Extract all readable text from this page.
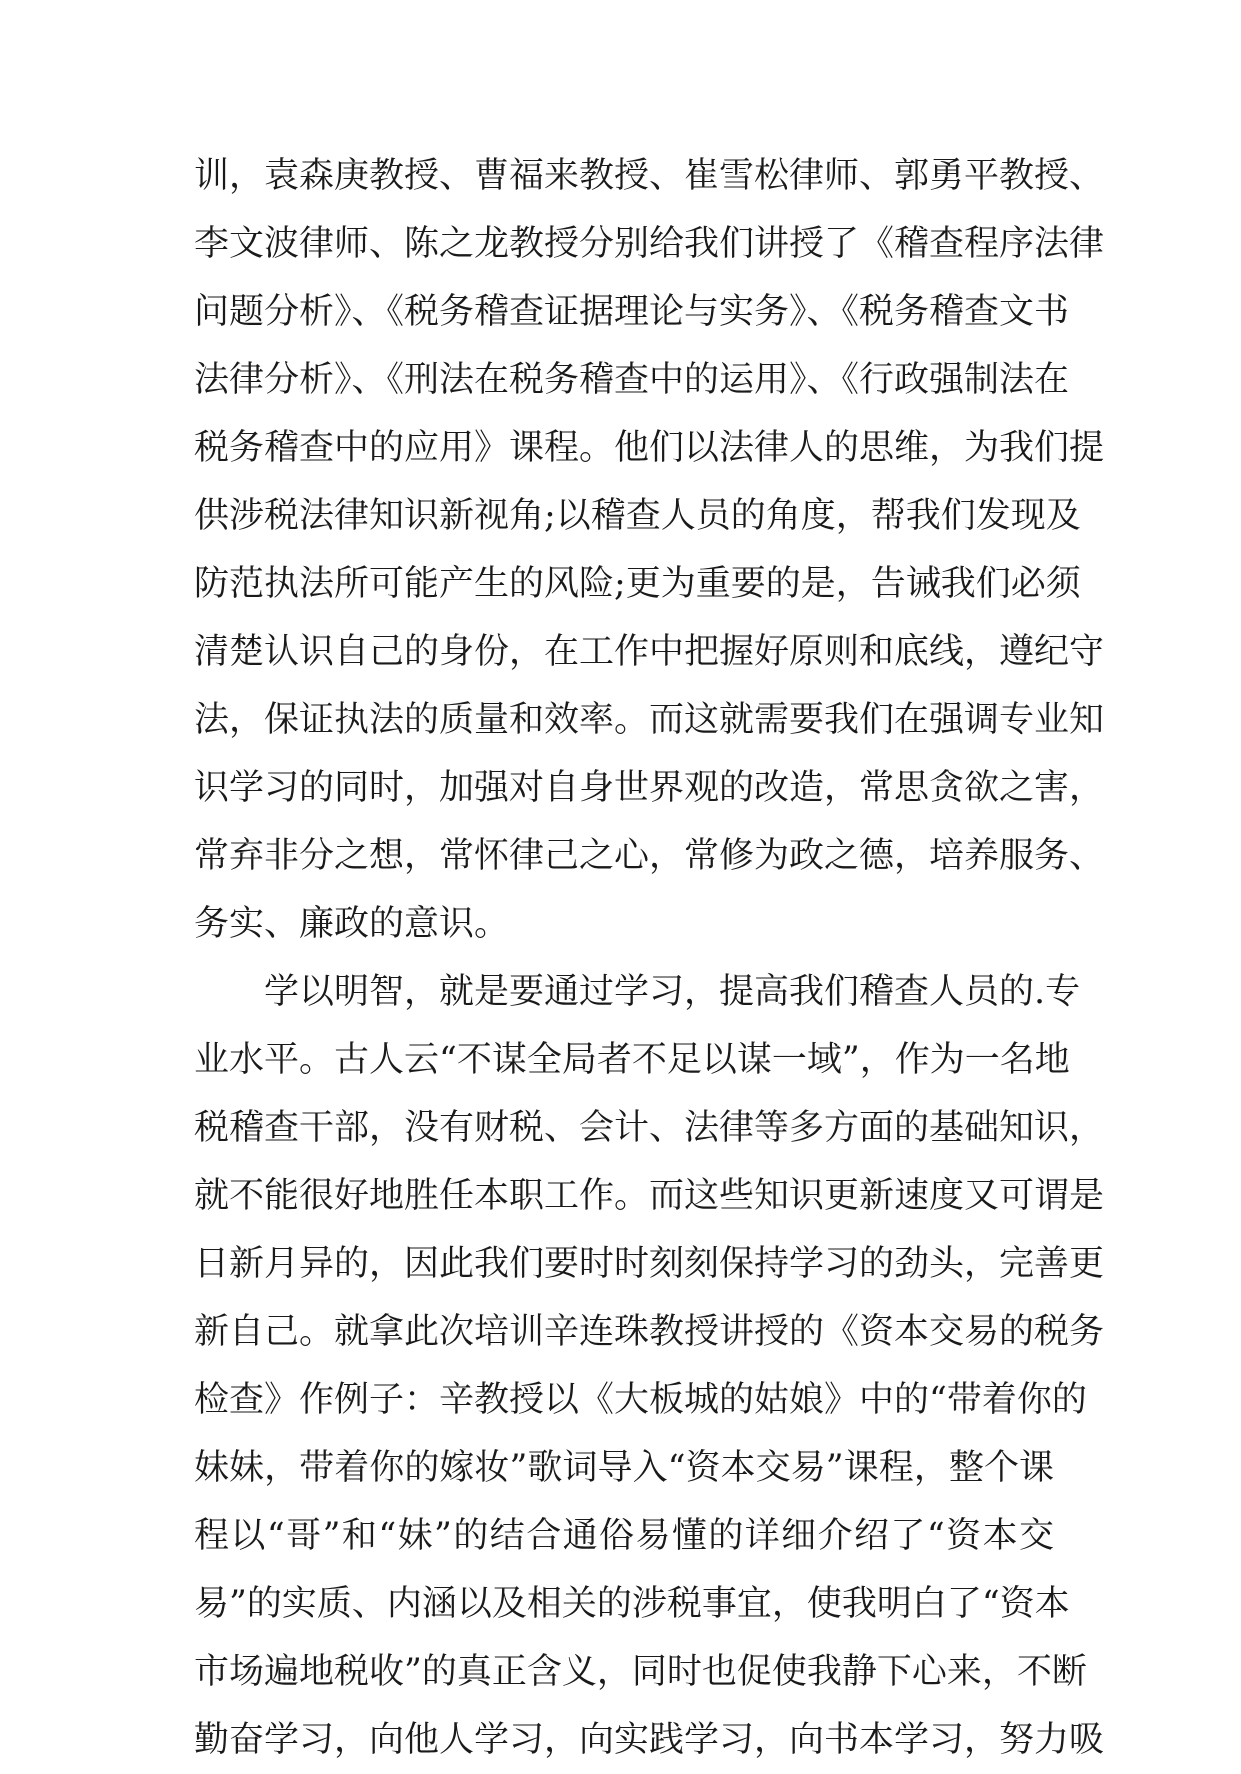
训，袁森庚教授、曹福来教授、崔雪松律师、郭勇平教授、
李文波律师、陈之龙教授分别给我们讲授了《稽查程序法律
问题分析》、《税务稽查证据理论与实务》、《税务稽查文书
法律分析》、《刑法在税务稽查中的运用》、《行政强制法在
税务稽查中的应用》课程。他们以法律人的思维，为我们提
供涉税法律知识新视角;以稽查人员的角度，帮我们发现及
防范执法所可能产生的风险;更为重要的是，告诫我们必须
清楚认识自己的身份，在工作中把握好原则和底线，遵纪守
法，保证执法的质量和效率。而这就需要我们在强调专业知
识学习的同时，加强对自身世界观的改造，常思贪欲之害，
常弃非分之想，常怀律己之心，常修为政之德，培养服务、
务实、廉政的意识。
学以明智，就是要通过学习，提高我们稽查人员的.专
业水平。古人云“不谋全局者不足以谋一域”，作为一名地
税稽查干部，没有财税、会计、法律等多方面的基础知识，
就不能很好地胜任本职工作。而这些知识更新速度又可谓是
日新月异的，因此我们要时时刻刻保持学习的劲头，完善更
新自己。就拿此次培训辛连珠教授讲授的《资本交易的税务
检查》作例子：辛教授以《大板城的姑娘》中的“带着你的
妹妹，带着你的嫁妆”歌词导入“资本交易”课程，整个课
程以“哥”和“妹”的结合通俗易懂的详细介绍了“资本交
易”的实质、内涵以及相关的涉税事宜，使我明白了“资本
市场遍地税收”的真正含义，同时也促使我静下心来，不断
勤奋学习，向他人学习，向实践学习，向书本学习，努力吸
